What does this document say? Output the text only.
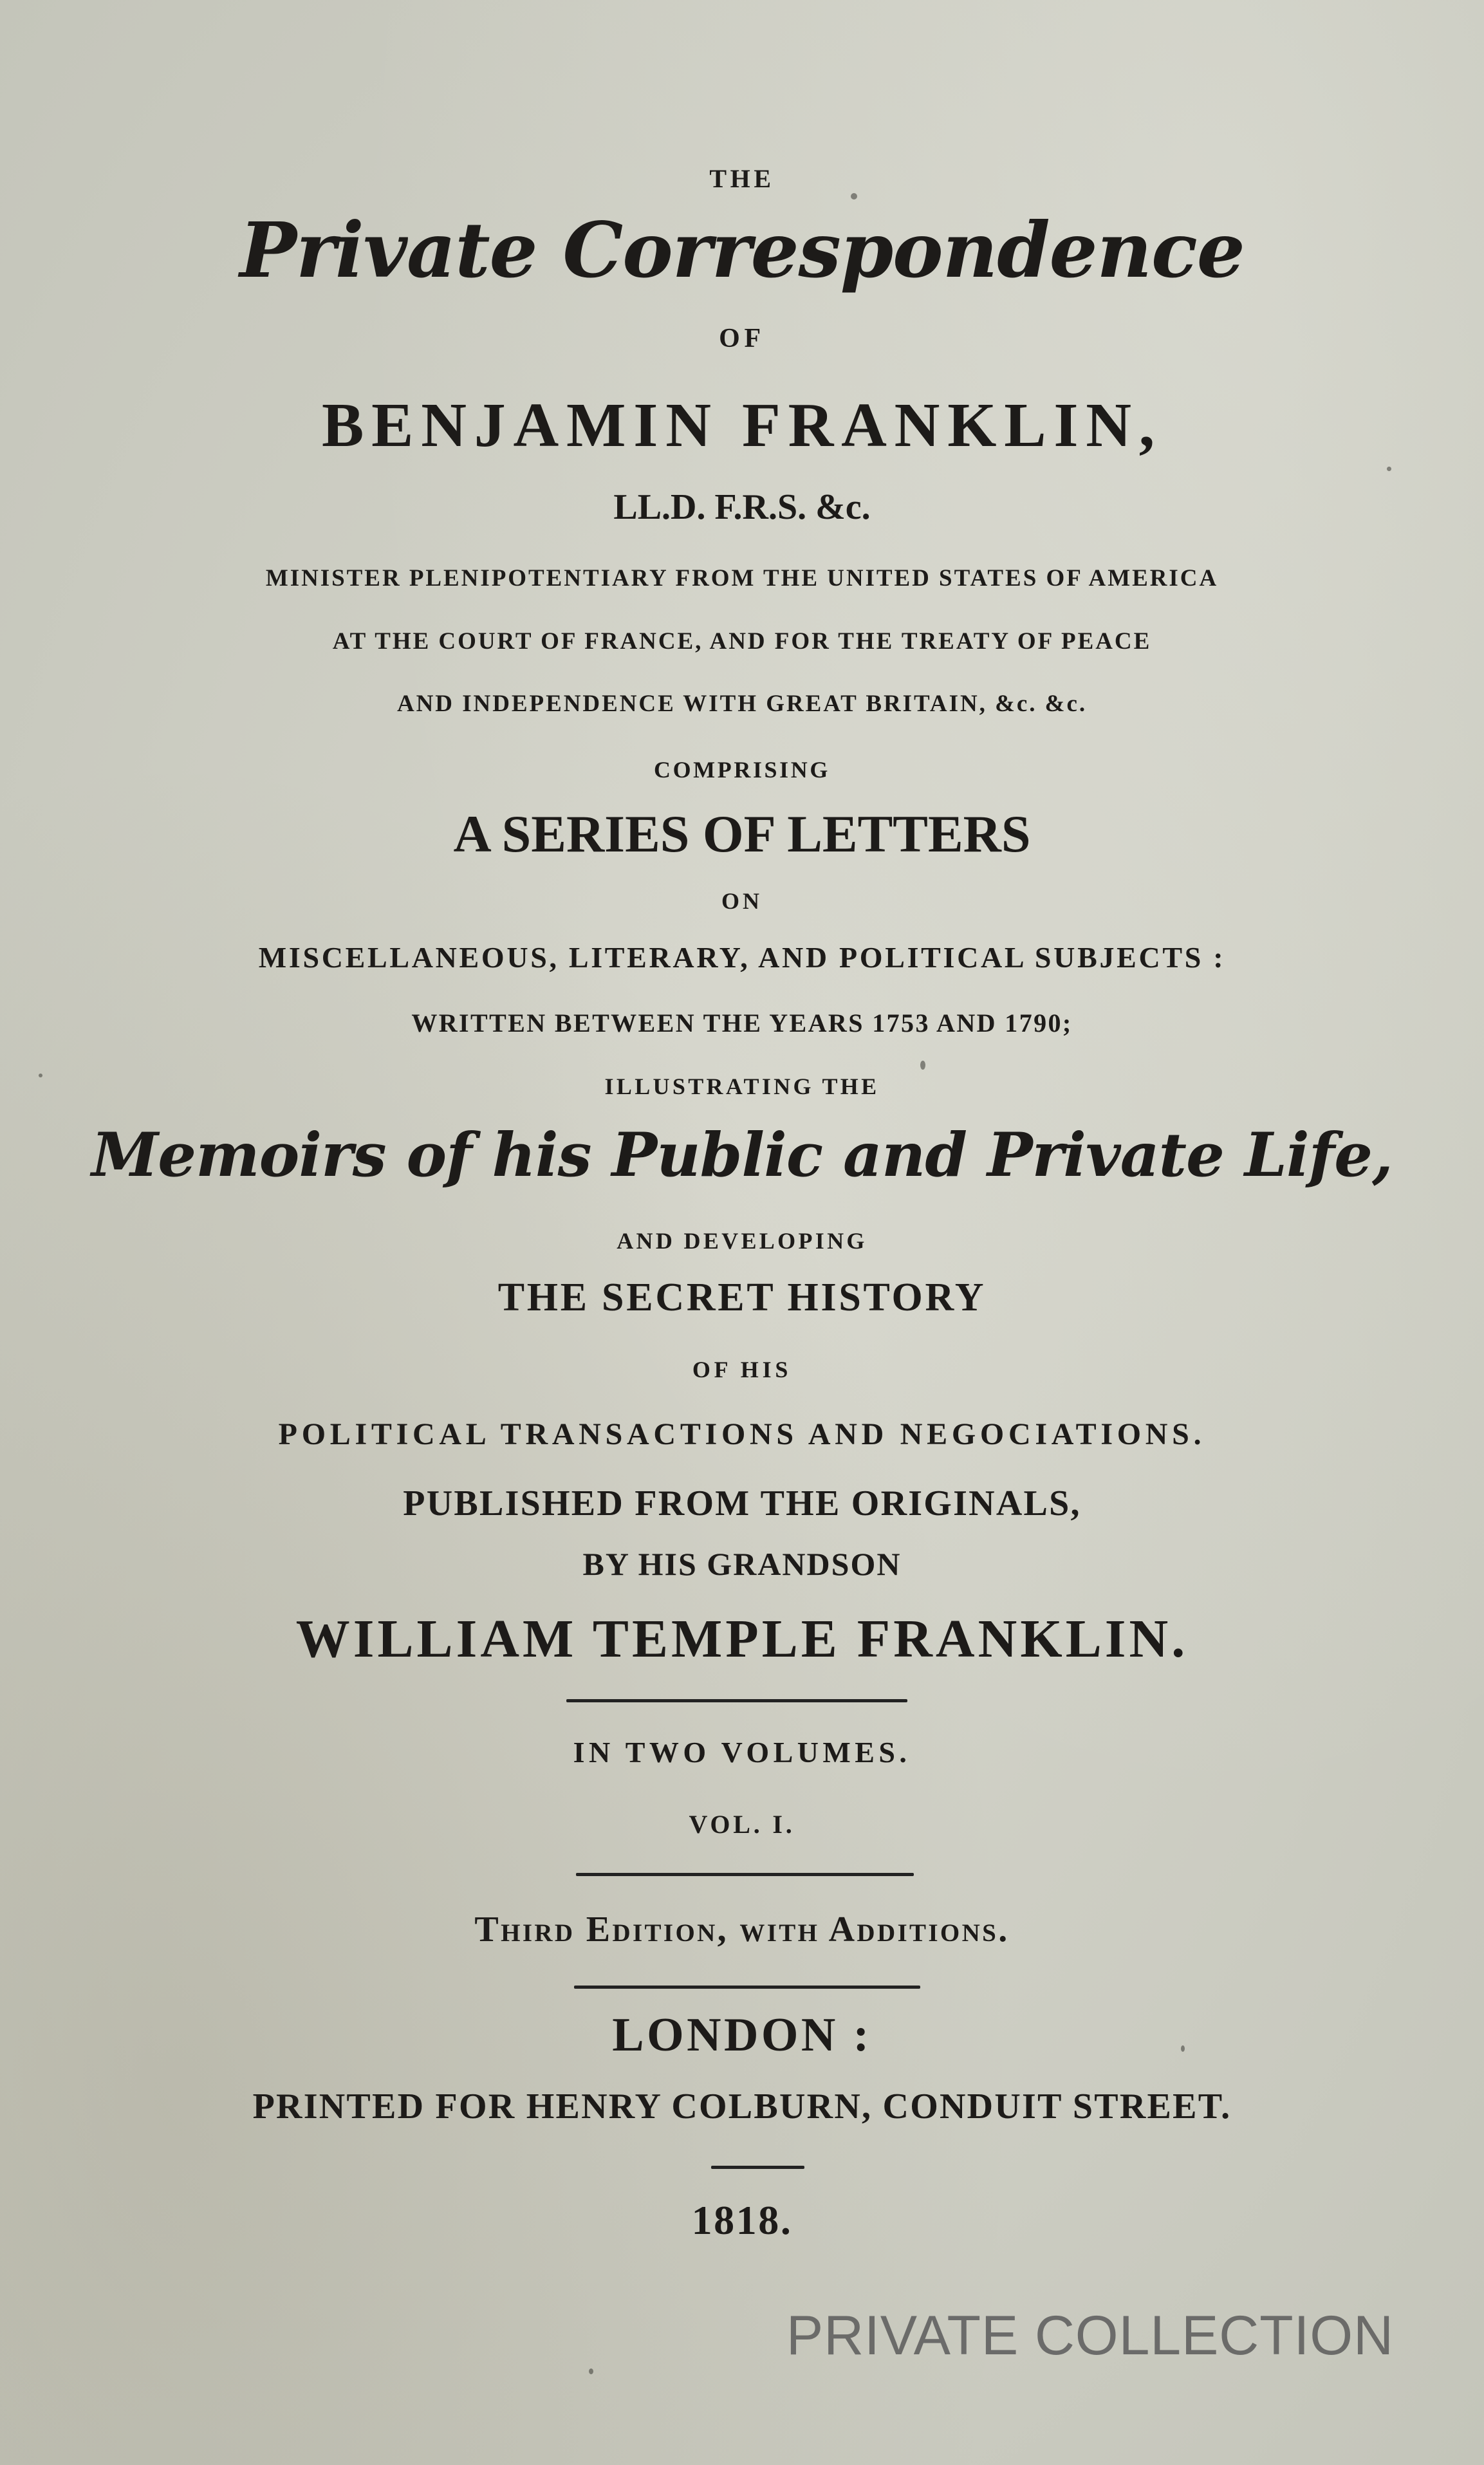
THE
Private Correspondence
OF
BENJAMIN FRANKLIN,
LL.D. F.R.S. &c.
MINISTER PLENIPOTENTIARY FROM THE UNITED STATES OF AMERICA
AT THE COURT OF FRANCE, AND FOR THE TREATY OF PEACE
AND INDEPENDENCE WITH GREAT BRITAIN, &c. &c.
COMPRISING
A SERIES OF LETTERS
ON
MISCELLANEOUS, LITERARY, AND POLITICAL SUBJECTS :
WRITTEN BETWEEN THE YEARS 1753 AND 1790;
ILLUSTRATING THE
Memoirs of his Public and Private Life,
AND DEVELOPING
THE SECRET HISTORY
OF HIS
POLITICAL TRANSACTIONS AND NEGOCIATIONS.
PUBLISHED FROM THE ORIGINALS,
BY HIS GRANDSON
WILLIAM TEMPLE FRANKLIN.
IN TWO VOLUMES.
VOL. I.
Third Edition, with Additions.
LONDON :
PRINTED FOR HENRY COLBURN, CONDUIT STREET.
1818.
PRIVATE COLLECTION
